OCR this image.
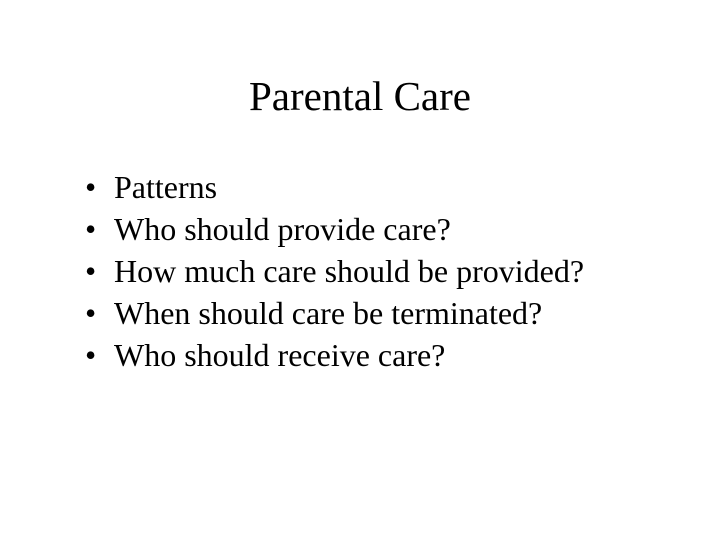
Parental Care
• Patterns
• Who should provide care?
• How much care should be provided?
• When should care be terminated?
• Who should receive care?
